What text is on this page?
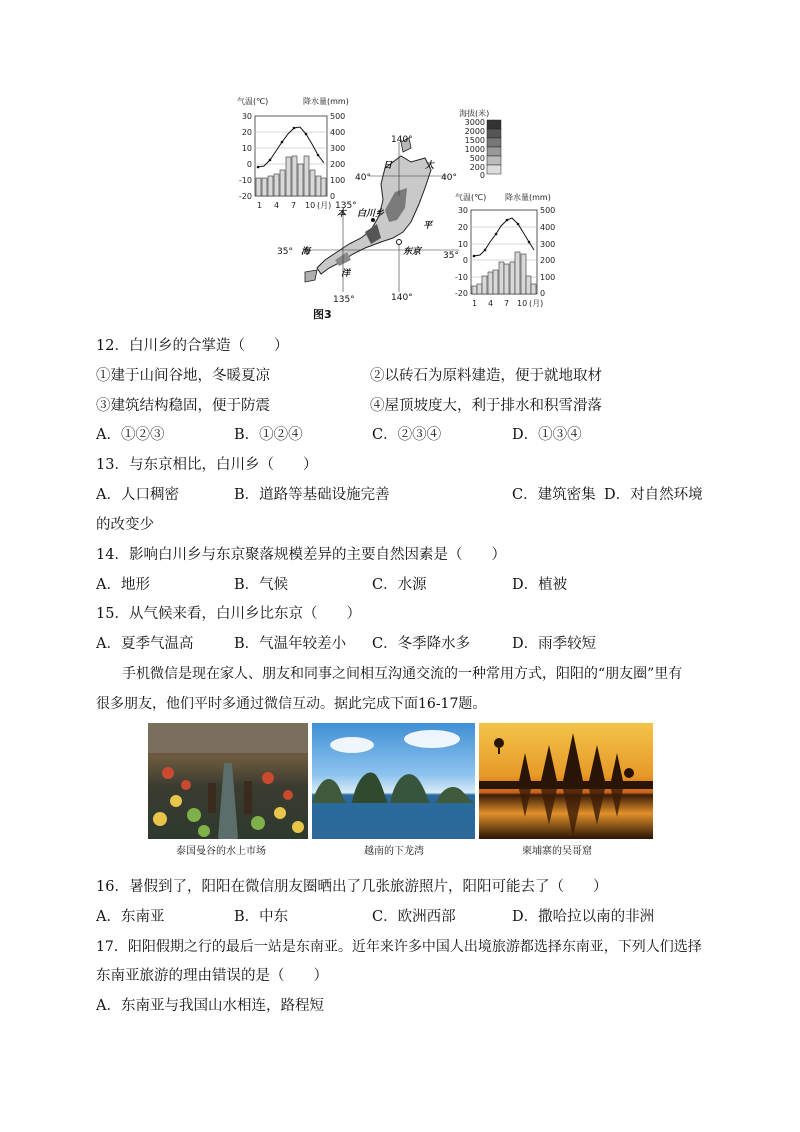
气温(℃)	降水量(mm)
30
20
10
0
-10
-20
500
400
300
200
100
0
1 4 7 10 (月)
140°
40°	40°
135°
35°	35°
135°	140°
日	太
本
平
海
洋
白川乡
东京
海拔(米)
3000
2000
1500
1000
500
200
0
气温(℃) 降水量(mm)
30
20
10
0
-10
-20
500
400
300
200
100
0
1 4 7 10 (月)
图3
12．白川乡的合掌造（　　）
①建于山间谷地，冬暖夏凉	②以砖石为原料建造，便于就地取材
③建筑结构稳固，便于防震	④屋顶坡度大，利于排水和积雪滑落
A．①②③	B．①②④	C．②③④	D．①③④
13．与东京相比，白川乡（　　）
A．人口稠密	B．道路等基础设施完善	C．建筑密集 D．对自然环境
的改变少
14．影响白川乡与东京聚落规模差异的主要自然因素是（　　）
A．地形	B．气候	C．水源	D．植被
15．从气候来看，白川乡比东京（　　）
A．夏季气温高	B．气温年较差小 C．冬季降水多	D．雨季较短
手机微信是现在家人、朋友和同事之间相互沟通交流的一种常用方式，阳阳的“朋友圈”里有
很多朋友，他们平时多通过微信互动。据此完成下面16-17题。
泰国曼谷的水上市场	越南的下龙湾	柬埔寨的吴哥窟
16．暑假到了，阳阳在微信朋友圈晒出了几张旅游照片，阳阳可能去了（　　）
A．东南亚	B．中东	C．欧洲西部	D．撒哈拉以南的非洲
17．阳阳假期之行的最后一站是东南亚。近年来许多中国人出境旅游都选择东南亚，下列人们选择
东南亚旅游的理由错误的是（　　）
A．东南亚与我国山水相连，路程短
